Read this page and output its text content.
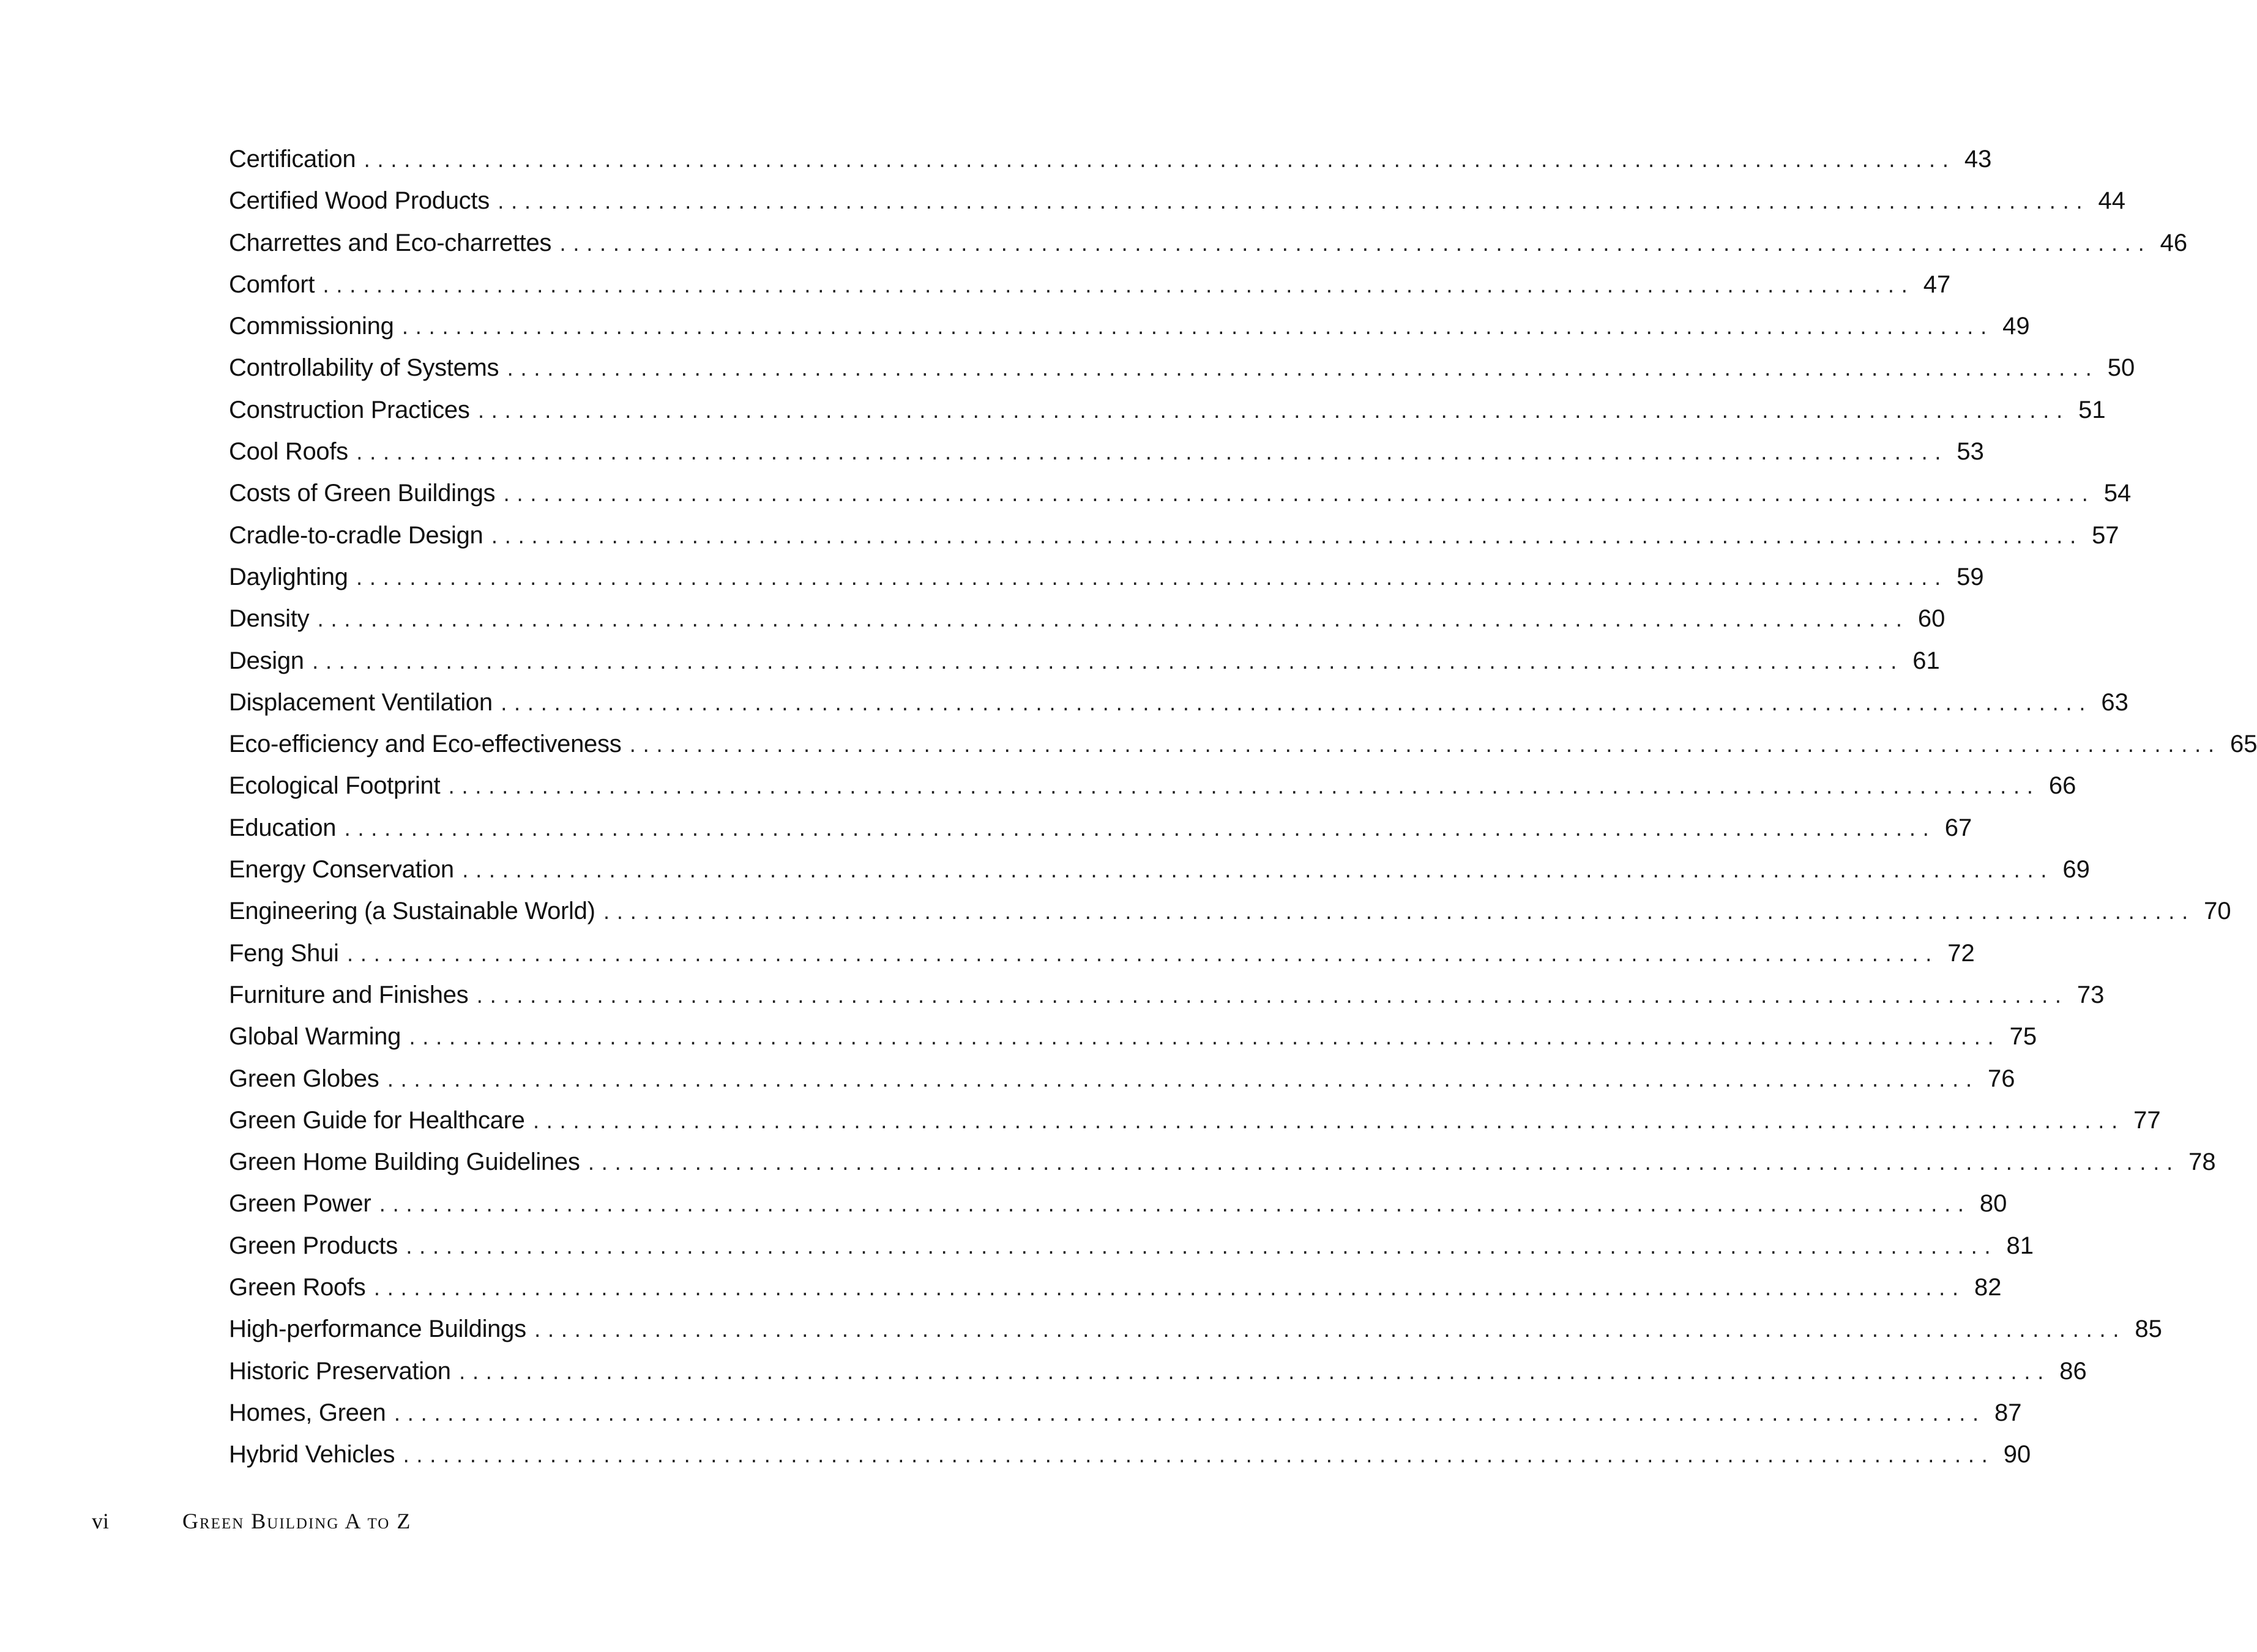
Certification ....................................................................................................................... 43
Certified Wood Products ....................................................................................................................... 44
Charrettes and Eco-charrettes ....................................................................................................................... 46
Comfort ....................................................................................................................... 47
Commissioning ....................................................................................................................... 49
Controllability of Systems ....................................................................................................................... 50
Construction Practices ....................................................................................................................... 51
Cool Roofs ....................................................................................................................... 53
Costs of Green Buildings ....................................................................................................................... 54
Cradle-to-cradle Design ....................................................................................................................... 57
Daylighting ....................................................................................................................... 59
Density ....................................................................................................................... 60
Design ....................................................................................................................... 61
Displacement Ventilation ....................................................................................................................... 63
Eco-efficiency and Eco-effectiveness ....................................................................................................................... 65
Ecological Footprint ....................................................................................................................... 66
Education ....................................................................................................................... 67
Energy Conservation ....................................................................................................................... 69
Engineering (a Sustainable World) ....................................................................................................................... 70
Feng Shui ....................................................................................................................... 72
Furniture and Finishes ....................................................................................................................... 73
Global Warming ....................................................................................................................... 75
Green Globes ....................................................................................................................... 76
Green Guide for Healthcare ....................................................................................................................... 77
Green Home Building Guidelines ....................................................................................................................... 78
Green Power ....................................................................................................................... 80
Green Products ....................................................................................................................... 81
Green Roofs ....................................................................................................................... 82
High-performance Buildings ....................................................................................................................... 85
Historic Preservation ....................................................................................................................... 86
Homes, Green ....................................................................................................................... 87
Hybrid Vehicles ....................................................................................................................... 90
vi	Green Building A to Z
